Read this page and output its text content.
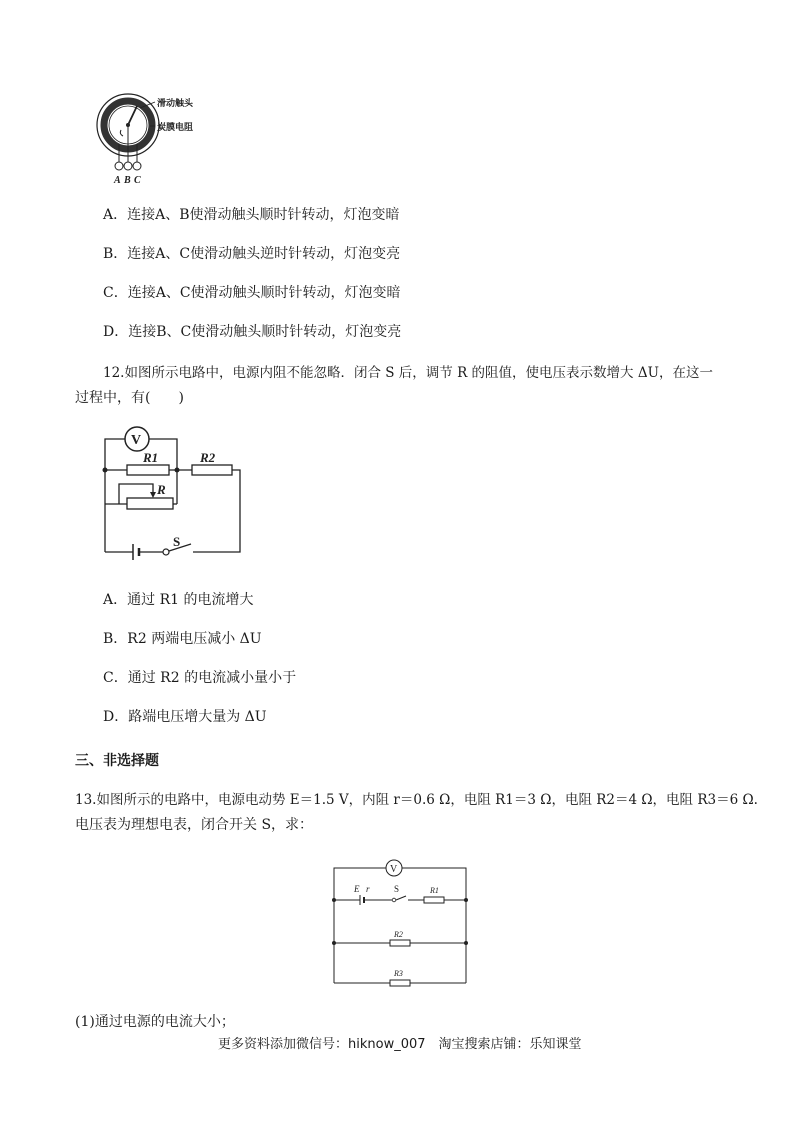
滑动触头
炭膜电阻
A B C
A．连接A、B使滑动触头顺时针转动，灯泡变暗
B．连接A、C使滑动触头逆时针转动，灯泡变亮
C．连接A、C使滑动触头顺时针转动，灯泡变暗
D．连接B、C使滑动触头顺时针转动，灯泡变亮
12.如图所示电路中，电源内阻不能忽略．闭合 S 后，调节 R 的阻值，使电压表示数增大 ΔU，在这一
过程中，有(　　)
V
R1	R2
R
S
A．通过 R1 的电流增大
B．R2 两端电压减小 ΔU
C．通过 R2 的电流减小量小于
D．路端电压增大量为 ΔU
三、非选择题
13.如图所示的电路中，电源电动势 E＝1.5 V，内阻 r＝0.6 Ω，电阻 R1＝3 Ω，电阻 R2＝4 Ω，电阻 R3＝6 Ω.
电压表为理想电表，闭合开关 S，求：
V
E r	S	R1
R2
R3
(1)通过电源的电流大小；
更多资料添加微信号：hiknow_007　淘宝搜索店铺：乐知课堂
